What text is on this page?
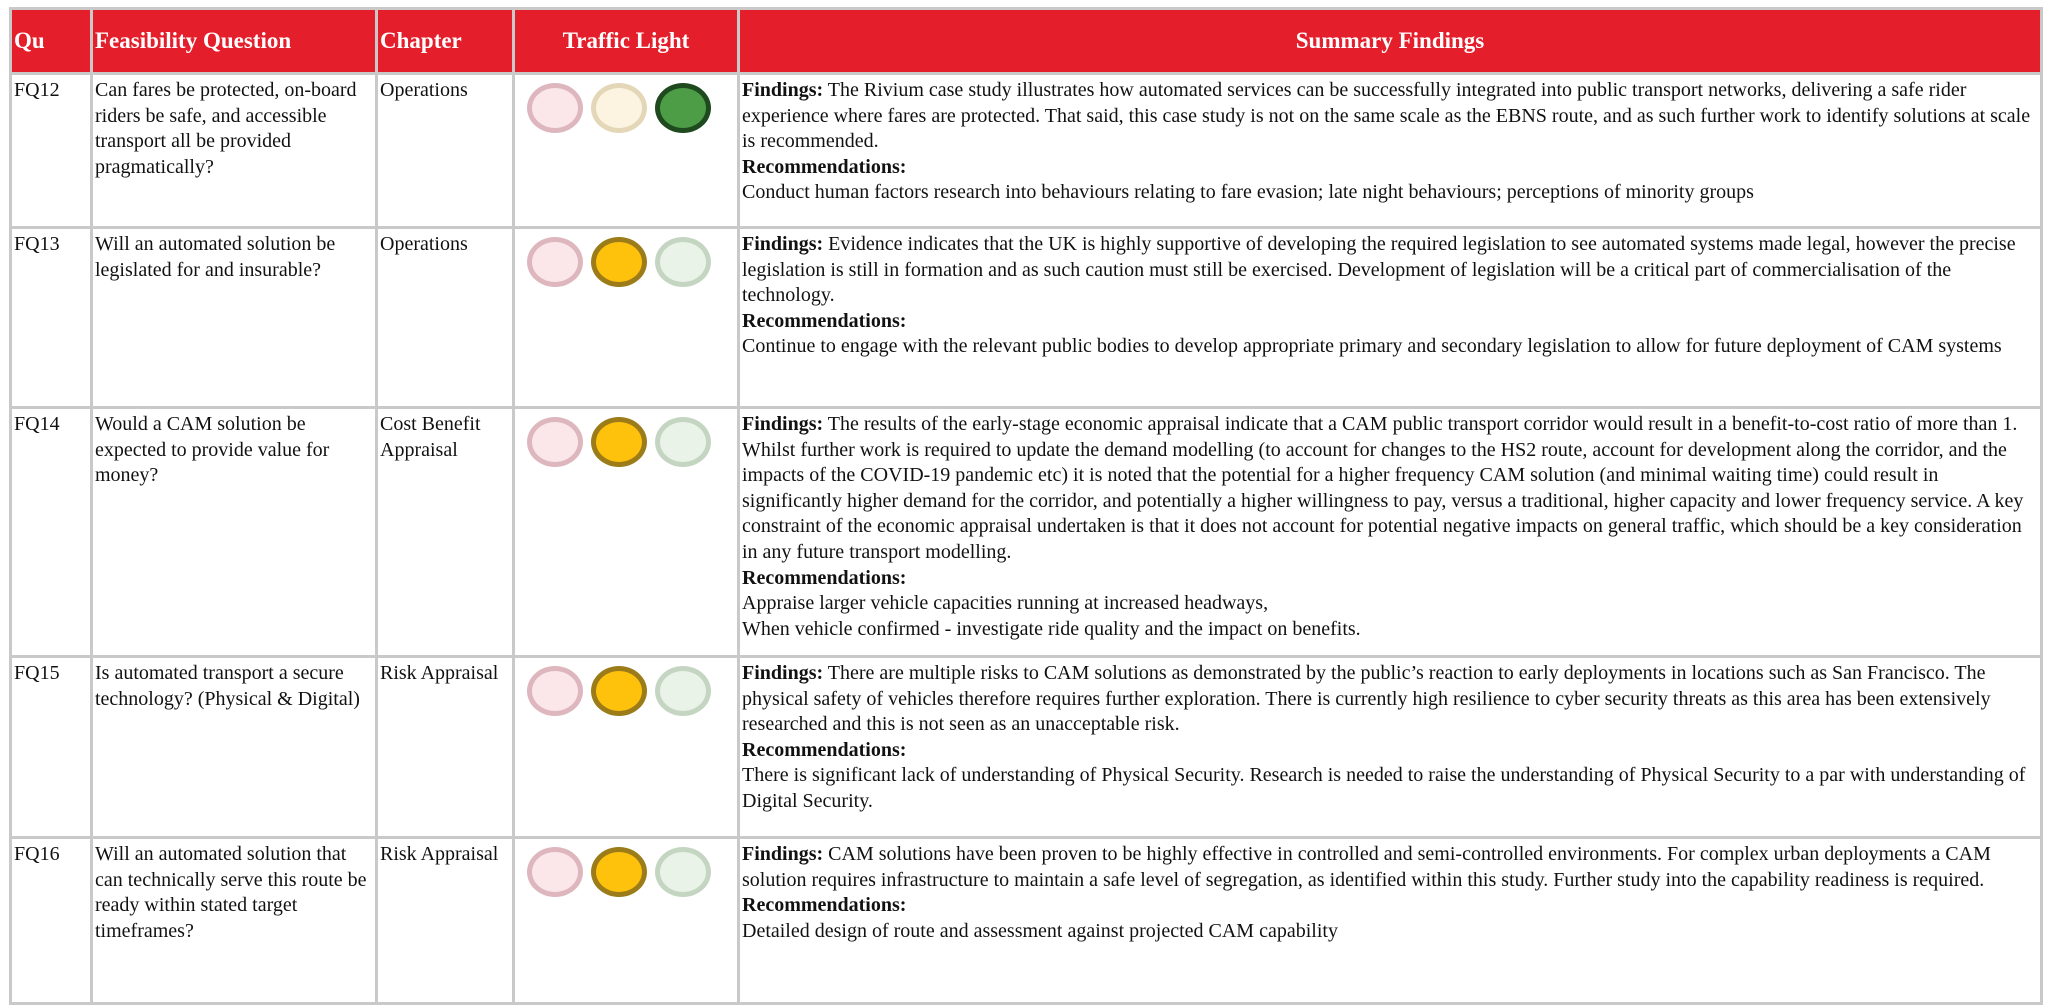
Qu	Feasibility Question	Chapter	Traffic Light	Summary Findings
FQ12	Can fares be protected, on-board riders be safe, and accessible transport all be provided pragmatically?	Operations		Findings: The Rivium case study illustrates how automated services can be successfully integrated into public transport networks, delivering a safe rider experience where fares are protected. That said, this case study is not on the same scale as the EBNS route, and as such further work to identify solutions at scale is recommended.
Recommendations:
Conduct human factors research into behaviours relating to fare evasion; late night behaviours; perceptions of minority groups

FQ13	Will an automated solution be legislated for and insurable?	Operations		Findings: Evidence indicates that the UK is highly supportive of developing the required legislation to see automated systems made legal, however the precise legislation is still in formation and as such caution must still be exercised. Development of legislation will be a critical part of commercialisation of the technology.
Recommendations:
Continue to engage with the relevant public bodies to develop appropriate primary and secondary legislation to allow for future deployment of CAM systems

FQ14	Would a CAM solution be expected to provide value for money?	Cost Benefit Appraisal		Findings: The results of the early-stage economic appraisal indicate that a CAM public transport corridor would result in a benefit-to-cost ratio of more than 1. Whilst further work is required to update the demand modelling (to account for changes to the HS2 route, account for development along the corridor, and the impacts of the COVID-19 pandemic etc) it is noted that the potential for a higher frequency CAM solution (and minimal waiting time) could result in significantly higher demand for the corridor, and potentially a higher willingness to pay, versus a traditional, higher capacity and lower frequency service. A key constraint of the economic appraisal undertaken is that it does not account for potential negative impacts on general traffic, which should be a key consideration in any future transport modelling.
Recommendations:
Appraise larger vehicle capacities running at increased headways,
When vehicle confirmed - investigate ride quality and the impact on benefits.

FQ15	Is automated transport a secure technology? (Physical & Digital)	Risk Appraisal		Findings: There are multiple risks to CAM solutions as demonstrated by the public’s reaction to early deployments in locations such as San Francisco. The physical safety of vehicles therefore requires further exploration. There is currently high resilience to cyber security threats as this area has been extensively researched and this is not seen as an unacceptable risk.
Recommendations:
There is significant lack of understanding of Physical Security. Research is needed to raise the understanding of Physical Security to a par with understanding of Digital Security.

FQ16	Will an automated solution that can technically serve this route be ready within stated target timeframes?	Risk Appraisal		Findings: CAM solutions have been proven to be highly effective in controlled and semi-controlled environments. For complex urban deployments a CAM solution requires infrastructure to maintain a safe level of segregation, as identified within this study. Further study into the capability readiness is required.
Recommendations:
Detailed design of route and assessment against projected CAM capability
